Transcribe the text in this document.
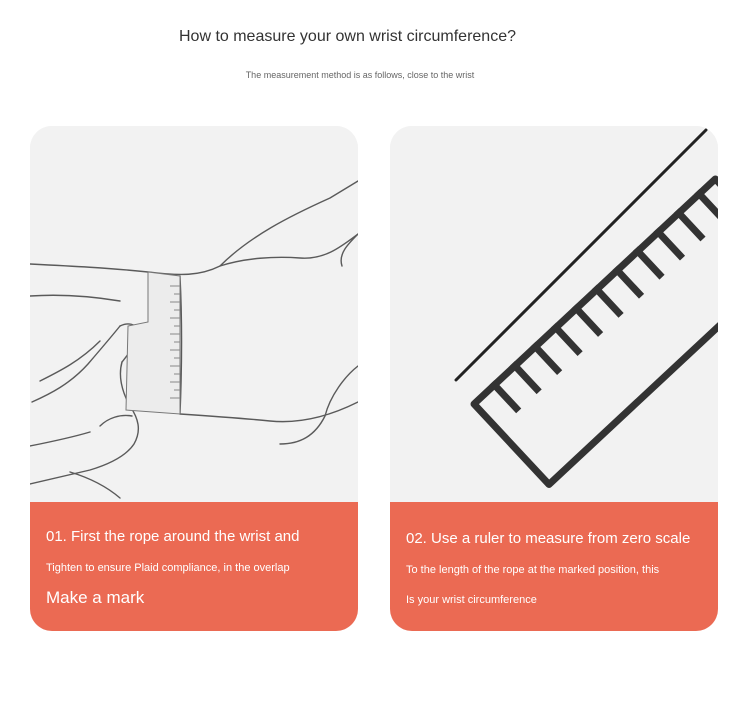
How to measure your own wrist circumference?
The measurement method is as follows, close to the wrist
01. First the rope around the wrist and
Tighten to ensure Plaid compliance, in the overlap
Make a mark
02. Use a ruler to measure from zero scale
To the length of the rope at the marked position, this
Is your wrist circumference
